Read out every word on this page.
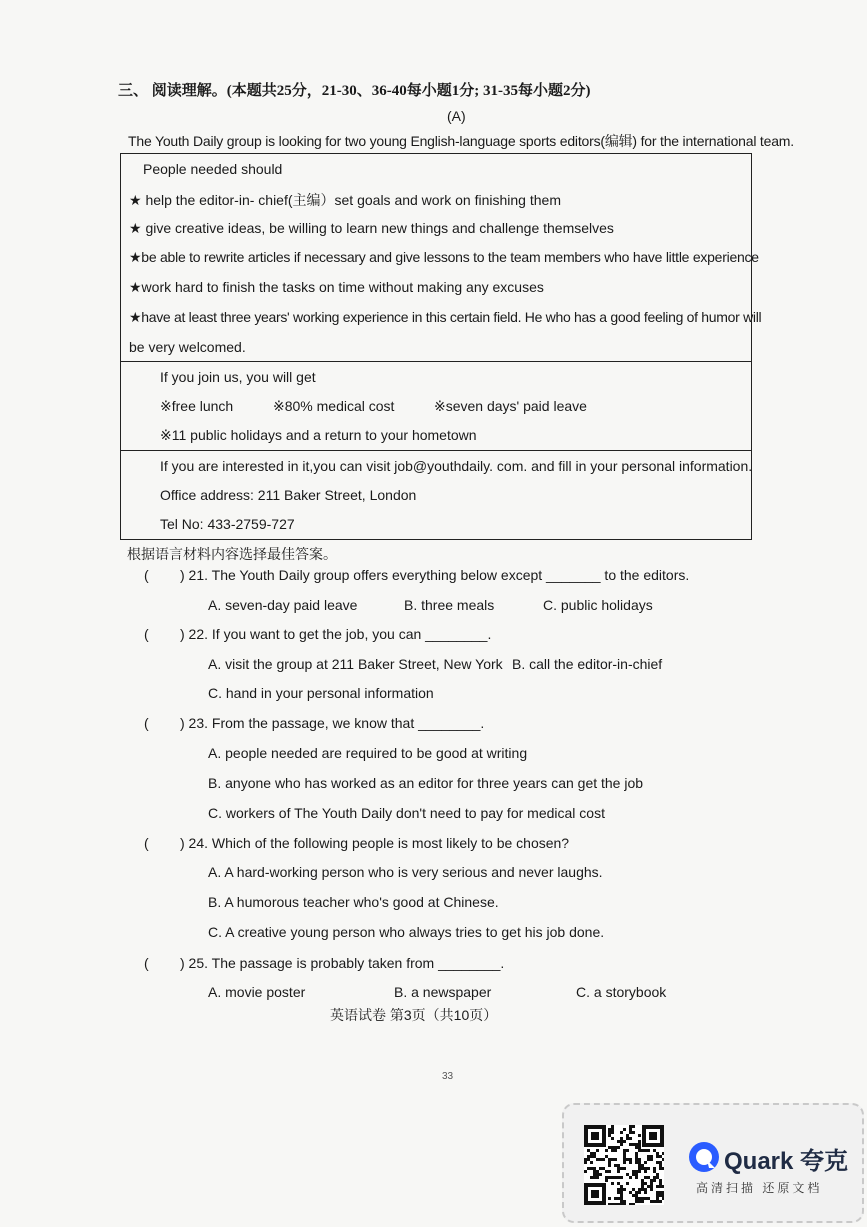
三、 阅读理解。(本题共25分，21-30、36-40每小题1分; 31-35每小题2分)
(A)
The Youth Daily group is looking for two young English-language sports editors(编辑) for the international team.
People needed should
★ help the editor-in- chief(主编）set goals and work on finishing them
★ give creative ideas, be willing to learn new things and challenge themselves
★be able to rewrite articles if necessary and give lessons to the team members who have little experience
★work hard to finish the tasks on time without making any excuses
★have at least three years' working experience in this certain field. He who has a good feeling of humor will
be very welcomed.
If you join us, you will get
※free lunch	※80% medical cost	※seven days' paid leave
※11 public holidays and a return to your hometown
If you are interested in it,you can visit job@youthdaily. com. and fill in your personal information.
Office address: 211 Baker Street, London
Tel No: 433-2759-727
根据语言材料内容选择最佳答案。
( ) 21. The Youth Daily group offers everything below except _______ to the editors.
A. seven-day paid leave	B. three meals	C. public holidays
( ) 22. If you want to get the job, you can ________.
A. visit the group at 211 Baker Street, New York B. call the editor-in-chief
C. hand in your personal information
( ) 23. From the passage, we know that ________.
A. people needed are required to be good at writing
B. anyone who has worked as an editor for three years can get the job
C. workers of The Youth Daily don't need to pay for medical cost
( ) 24. Which of the following people is most likely to be chosen?
A. A hard-working person who is very serious and never laughs.
B. A humorous teacher who's good at Chinese.
C. A creative young person who always tries to get his job done.
( ) 25. The passage is probably taken from ________.
A. movie poster	B. a newspaper	C. a storybook
英语试卷 第3页（共10页）
33
Quark 夸克
高清扫描 还原文档
